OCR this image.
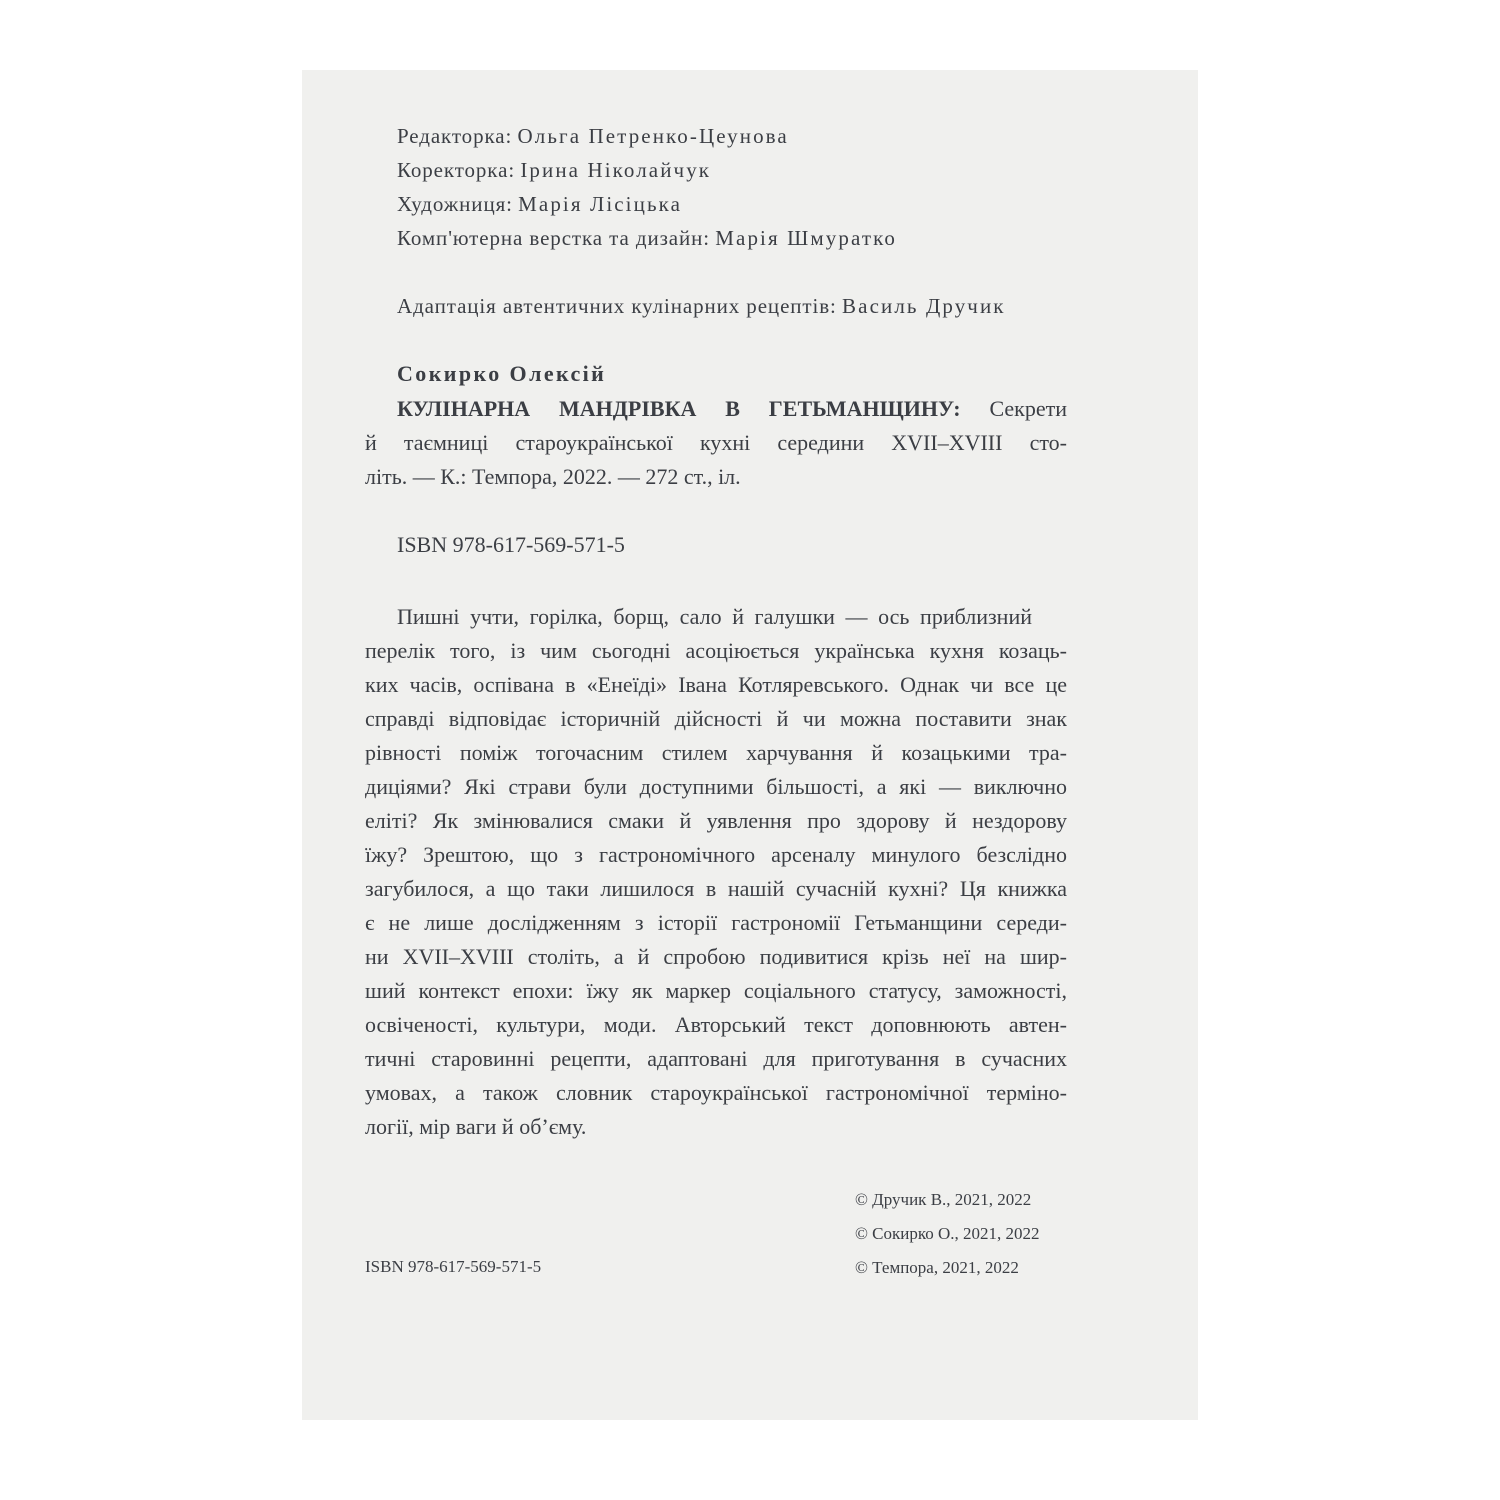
Редакторка: Ольга Петренко-Цеунова
Коректорка: Ірина Ніколайчук
Художниця: Марія Лісіцька
Комп'ютерна верстка та дизайн: Марія Шмуратко
Адаптація автентичних кулінарних рецептів: Василь Дручик
Сокирко Олексій
КУЛІНАРНА МАНДРІВКА В ГЕТЬМАНЩИНУ: Секрети
й таємниці староукраїнської кухні середини XVII–XVIII сто-
літь. — К.: Темпора, 2022. — 272 ст., іл.
ISBN 978-617-569-571-5
Пишні учти, горілка, борщ, сало й галушки — ось приблизний
перелік того, із чим сьогодні асоціюється українська кухня козаць-
ких часів, оспівана в «Енеїді» Івана Котляревського. Однак чи все це
справді відповідає історичній дійсності й чи можна поставити знак
рівності поміж тогочасним стилем харчування й козацькими тра-
диціями? Які страви були доступними більшості, а які — виключно
еліті? Як змінювалися смаки й уявлення про здорову й нездорову
їжу? Зрештою, що з гастрономічного арсеналу минулого безслідно
загубилося, а що таки лишилося в нашій сучасній кухні? Ця книжка
є не лише дослідженням з історії гастрономії Гетьманщини середи-
ни XVII–XVIII століть, а й спробою подивитися крізь неї на шир-
ший контекст епохи: їжу як маркер соціального статусу, заможності,
освіченості, культури, моди. Авторський текст доповнюють автен-
тичні старовинні рецепти, адаптовані для приготування в сучасних
умовах, а також словник староукраїнської гастрономічної терміно-
логії, мір ваги й об’єму.
© Дручик В., 2021, 2022
© Сокирко О., 2021, 2022
© Темпора, 2021, 2022
ISBN 978-617-569-571-5
